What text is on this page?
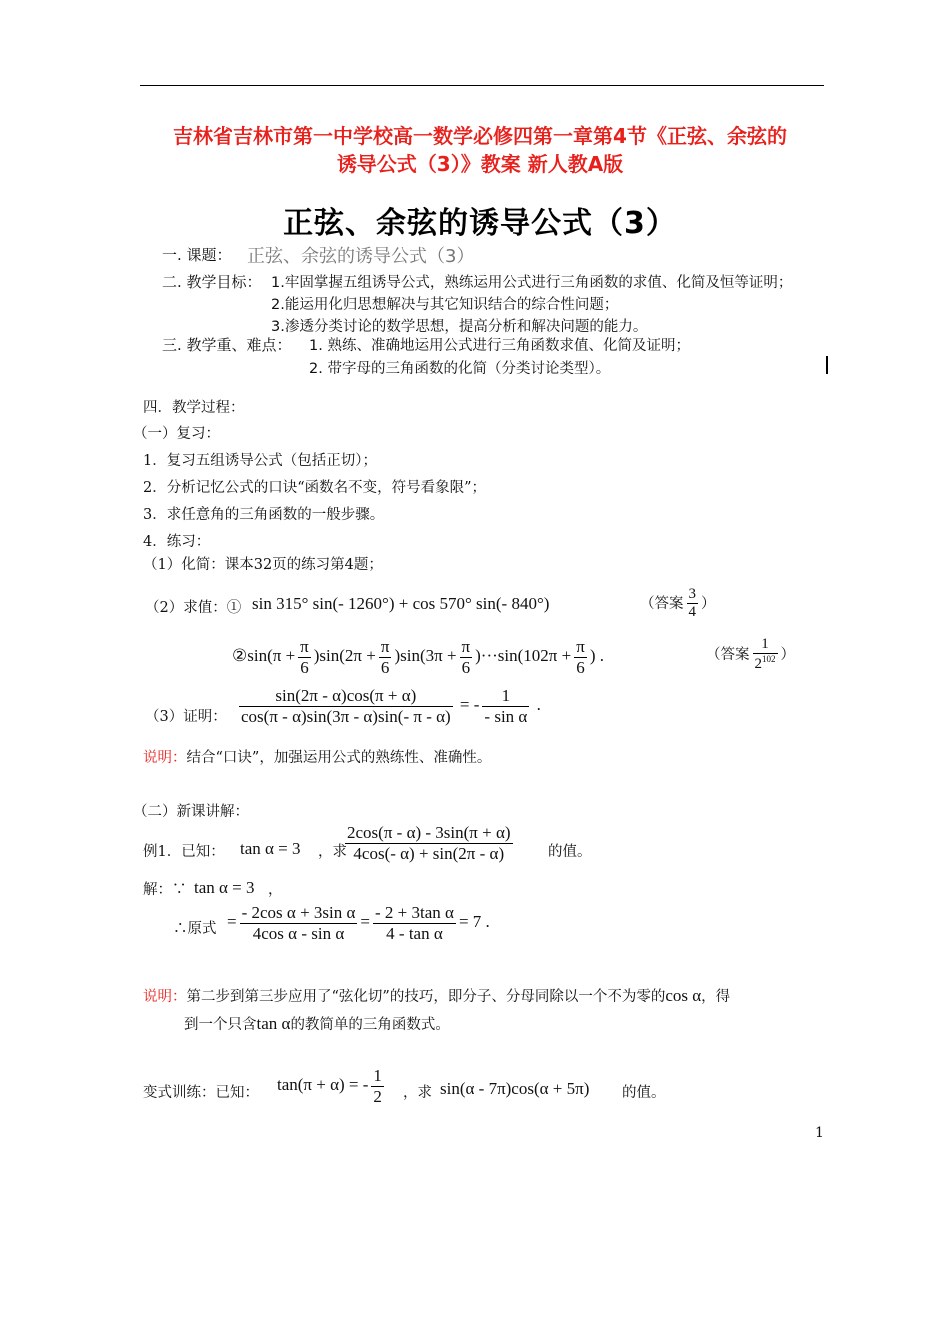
吉林省吉林市第一中学校高一数学必修四第一章第4节《正弦、余弦的
诱导公式（3）》教案 新人教A版
正弦、余弦的诱导公式（3）
一. 课题： 正弦、余弦的诱导公式（3）
二. 教学目标： 1.牢固掌握五组诱导公式，熟练运用公式进行三角函数的求值、化简及恒等证明；
2.能运用化归思想解决与其它知识结合的综合性问题；
3.渗透分类讨论的数学思想，提高分析和解决问题的能力。
三. 教学重、难点： 1. 熟练、准确地运用公式进行三角函数求值、化简及证明；
2. 带字母的三角函数的化简（分类讨论类型）。
四．教学过程：
（一）复习：
1．复习五组诱导公式（包括正切）；
2．分析记忆公式的口诀“函数名不变，符号看象限”；
3．求任意角的三角函数的一般步骤。
4．练习：
（1）化简：课本32页的练习第4题；
（2）求值：① sin 315° sin(- 1260°) + cos 570° sin(- 840°)	（答案 $\frac{3}{4}$ ）
②sin(π + $\frac{\pi}{6} )\sin(2\pi + \frac{\pi}{6} )\sin(3\pi + \frac{\pi}{6} )\cdot\cdot\cdot\sin(102\pi + \frac{\pi}{6}$ ) .	（答案 $\frac{1}{2^{102}}$ ）
（3）证明： $\frac{\sin(2\pi - \alpha)\cos(\pi + \alpha)}{\cos(\pi - \alpha)\sin(3\pi - \alpha)\sin(- \pi - \alpha)}$ = - $\frac{1}{\text{- sin α}}$ .
说明：结合“口诀”，加强运用公式的熟练性、准确性。
（二）新课讲解：
例1．已知： tan α = 3 ，求
$\frac{2\cos(\pi - \alpha) - 3\sin(\pi + \alpha)}{4\cos(- \alpha) + \sin(2\pi - \alpha)}$ 的值。
解：∵ tan α = 3 ，
∴原式 = $\frac{\text{- 2cos α + 3sin α}}{\text{4cos α - sin α}} = \frac{\text{- 2 + 3tan α}}{\text{4 - tan α}} = 7$ .
说明：第二步到第三步应用了“弦化切”的技巧，即分子、分母同除以一个不为零的cos α，得
到一个只含tan α的教简单的三角函数式。
变式训练：已知： tan(π + α) = - $\frac{1}{2}$ ，求 sin(α - 7π)cos(α + 5π) 的值。
1
